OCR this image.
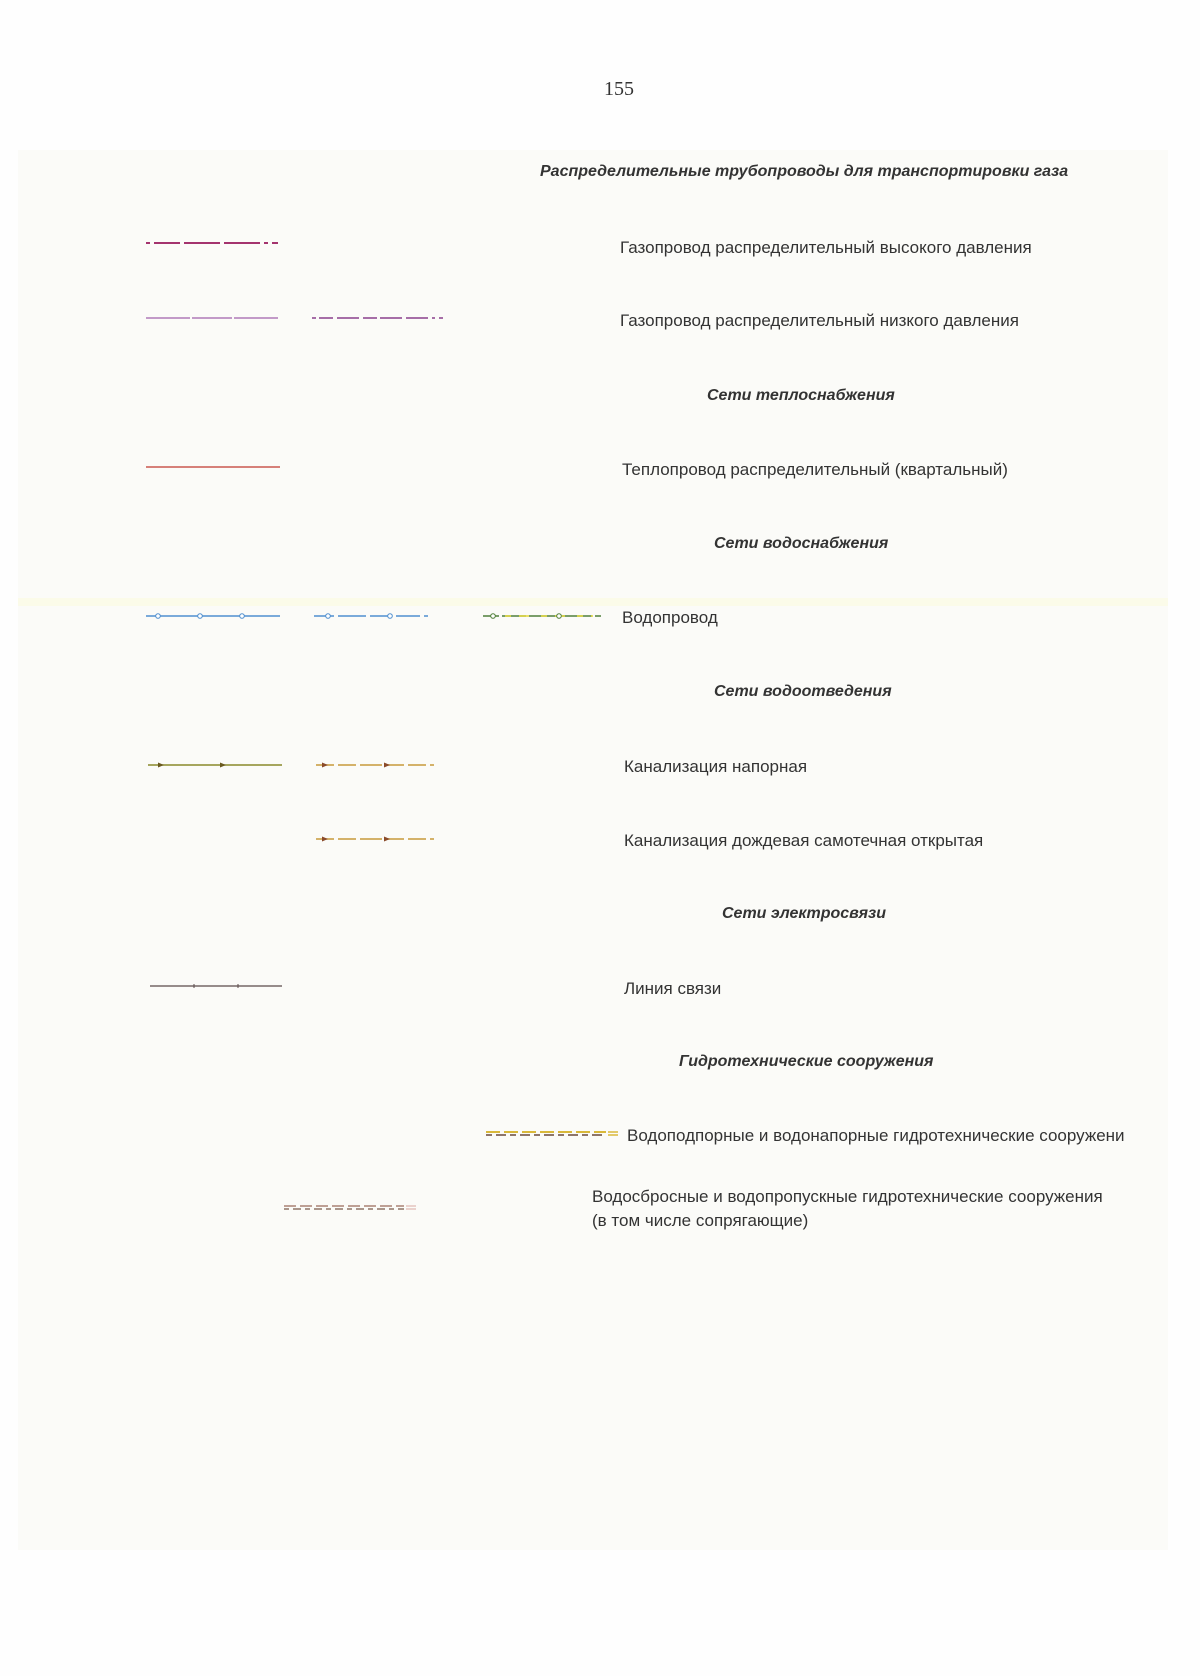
155
Распределительные трубопроводы для транспортировки газа
Газопровод распределительный высокого давления
Газопровод распределительный низкого давления
Сети теплоснабжения
Теплопровод распределительный (квартальный)
Сети водоснабжения
Водопровод
Сети водоотведения
Канализация напорная
Канализация дождевая самотечная открытая
Сети электросвязи
Линия связи
Гидротехнические сооружения
Водоподпорные и водонапорные гидротехнические сооружени
Водосбросные и водопропускные гидротехнические сооружения
(в том числе сопрягающие)
